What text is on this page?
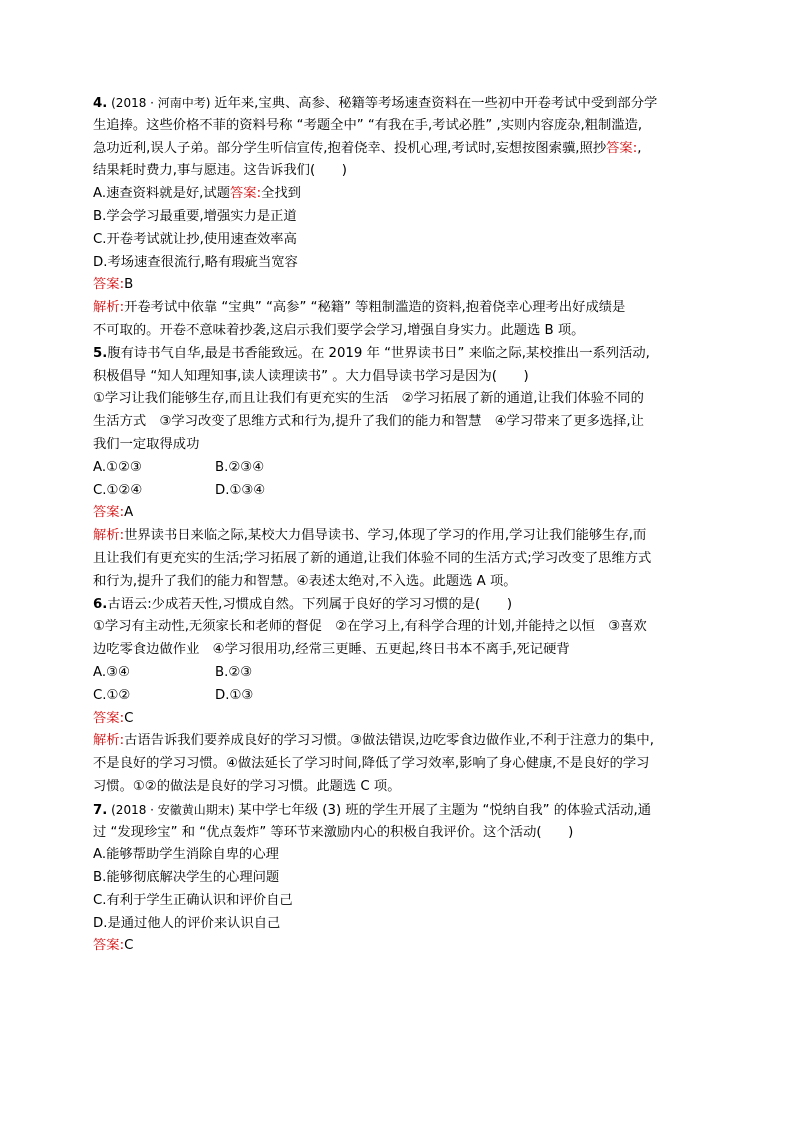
4. (2018 · 河南中考) 近年来,宝典、高参、秘籍等考场速查资料在一些初中开卷考试中受到部分学
生追捧。这些价格不菲的资料号称 “考题全中” “有我在手,考试必胜” ,实则内容庞杂,粗制滥造,
急功近利,误人子弟。部分学生听信宣传,抱着侥幸、投机心理,考试时,妄想按图索骥,照抄答案:,
结果耗时费力,事与愿违。这告诉我们(　　)
A.速查资料就是好,试题答案:全找到
B.学会学习最重要,增强实力是正道
C.开卷考试就让抄,使用速查效率高
D.考场速查很流行,略有瑕疵当宽容
答案:B
解析:开卷考试中依靠 “宝典” “高参” “秘籍” 等粗制滥造的资料,抱着侥幸心理考出好成绩是
不可取的。开卷不意味着抄袭,这启示我们要学会学习,增强自身实力。此题选 B 项。
5.腹有诗书气自华,最是书香能致远。在 2019 年 “世界读书日” 来临之际,某校推出一系列活动,
积极倡导 “知人知理知事,读人读理读书” 。大力倡导读书学习是因为(　　)
①学习让我们能够生存,而且让我们有更充实的生活　②学习拓展了新的通道,让我们体验不同的
生活方式　③学习改变了思维方式和行为,提升了我们的能力和智慧　④学习带来了更多选择,让
我们一定取得成功
A.①②③	B.②③④
C.①②④	D.①③④
答案:A
解析:世界读书日来临之际,某校大力倡导读书、学习,体现了学习的作用,学习让我们能够生存,而
且让我们有更充实的生活;学习拓展了新的通道,让我们体验不同的生活方式;学习改变了思维方式
和行为,提升了我们的能力和智慧。④表述太绝对,不入选。此题选 A 项。
6.古语云:少成若天性,习惯成自然。下列属于良好的学习习惯的是(　　)
①学习有主动性,无须家长和老师的督促　②在学习上,有科学合理的计划,并能持之以恒　③喜欢
边吃零食边做作业　④学习很用功,经常三更睡、五更起,终日书本不离手,死记硬背
A.③④	B.②③
C.①②	D.①③
答案:C
解析:古语告诉我们要养成良好的学习习惯。③做法错误,边吃零食边做作业,不利于注意力的集中,
不是良好的学习习惯。④做法延长了学习时间,降低了学习效率,影响了身心健康,不是良好的学习
习惯。①②的做法是良好的学习习惯。此题选 C 项。
7. (2018 · 安徽黄山期末) 某中学七年级 (3) 班的学生开展了主题为 “悦纳自我” 的体验式活动,通
过 “发现珍宝” 和 “优点轰炸” 等环节来激励内心的积极自我评价。这个活动(　　)
A.能够帮助学生消除自卑的心理
B.能够彻底解决学生的心理问题
C.有利于学生正确认识和评价自己
D.是通过他人的评价来认识自己
答案:C
